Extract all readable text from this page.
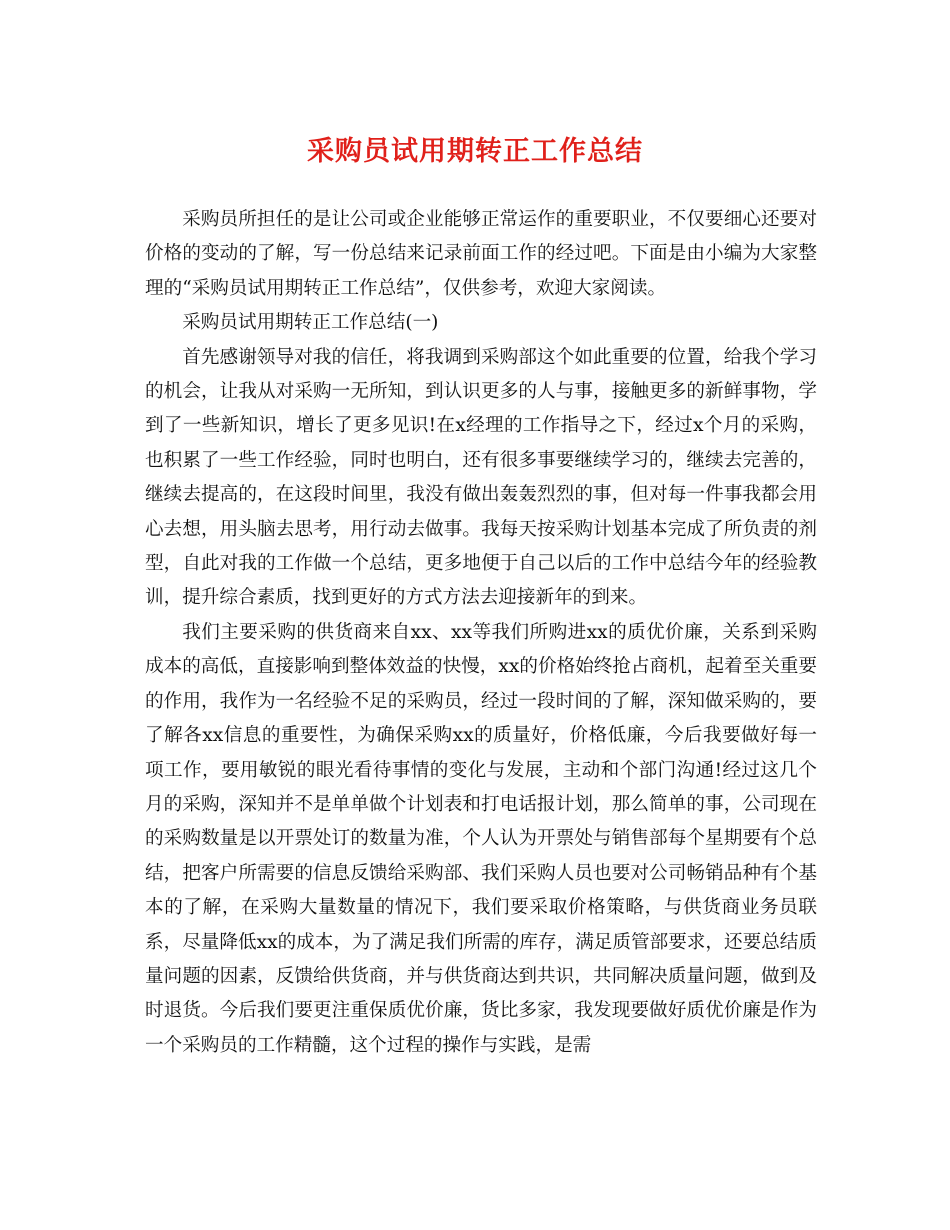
采购员试用期转正工作总结

采购员所担任的是让公司或企业能够正常运作的重要职业，不仅要细心还要对价格的变动的了解，写一份总结来记录前面工作的经过吧。下面是由小编为大家整理的“采购员试用期转正工作总结”，仅供参考，欢迎大家阅读。

采购员试用期转正工作总结(一)

首先感谢领导对我的信任，将我调到采购部这个如此重要的位置，给我个学习的机会，让我从对采购一无所知，到认识更多的人与事，接触更多的新鲜事物，学到了一些新知识，增长了更多见识!在x经理的工作指导之下，经过x个月的采购，也积累了一些工作经验，同时也明白，还有很多事要继续学习的，继续去完善的，继续去提高的，在这段时间里，我没有做出轰轰烈烈的事，但对每一件事我都会用心去想，用头脑去思考，用行动去做事。我每天按采购计划基本完成了所负责的剂型，自此对我的工作做一个总结，更多地便于自己以后的工作中总结今年的经验教训，提升综合素质，找到更好的方式方法去迎接新年的到来。

我们主要采购的供货商来自xx、xx等我们所购进xx的质优价廉，关系到采购成本的高低，直接影响到整体效益的快慢，xx的价格始终抢占商机，起着至关重要的作用，我作为一名经验不足的采购员，经过一段时间的了解，深知做采购的，要了解各xx信息的重要性，为确保采购xx的质量好，价格低廉，今后我要做好每一项工作，要用敏锐的眼光看待事情的变化与发展，主动和个部门沟通!经过这几个月的采购，深知并不是单单做个计划表和打电话报计划，那么简单的事，公司现在的采购数量是以开票处订的数量为准，个人认为开票处与销售部每个星期要有个总结，把客户所需要的信息反馈给采购部、我们采购人员也要对公司畅销品种有个基本的了解，在采购大量数量的情况下，我们要采取价格策略，与供货商业务员联系，尽量降低xx的成本，为了满足我们所需的库存，满足质管部要求，还要总结质量问题的因素，反馈给供货商，并与供货商达到共识，共同解决质量问题，做到及时退货。今后我们要更注重保质优价廉，货比多家，我发现要做好质优价廉是作为一个采购员的工作精髓，这个过程的操作与实践，是需
